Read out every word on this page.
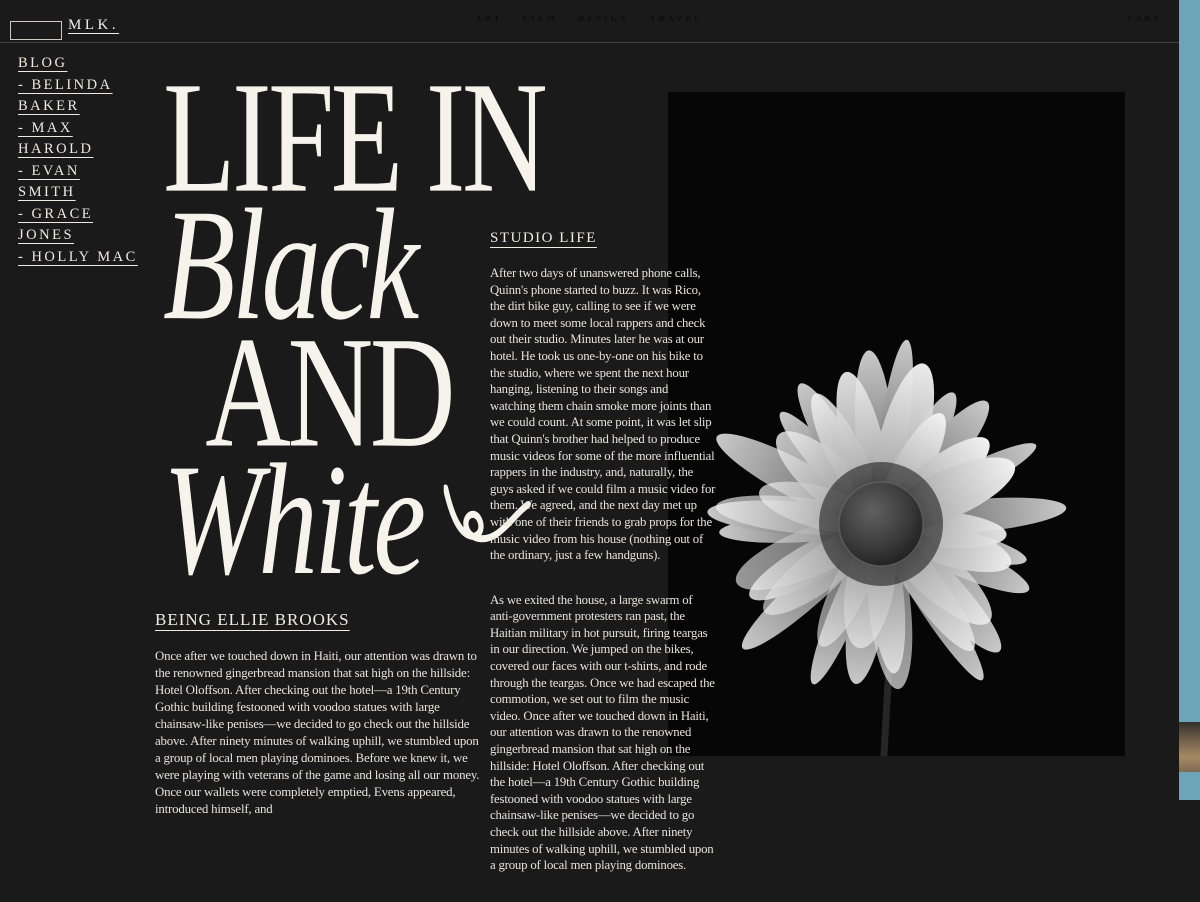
MLK.	ART · FILM · DESIGN · TRAVEL	CART
BLOG
- BELINDA BAKER
- MAX HAROLD
- EVAN SMITH
- GRACE JONES
- HOLLY MAC
LIFE IN
Black
AND
White
STUDIO LIFE

After two days of unanswered phone calls, Quinn's phone started to buzz. It was Rico, the dirt bike guy, calling to see if we were down to meet some local rappers and check out their studio. Minutes later he was at our hotel. He took us one-by-one on his bike to the studio, where we spent the next hour hanging, listening to their songs and watching them chain smoke more joints than we could count. At some point, it was let slip that Quinn's brother had helped to produce music videos for some of the more influential rappers in the industry, and, naturally, the guys asked if we could film a music video for them. We agreed, and the next day met up with one of their friends to grab props for the music video from his house (nothing out of the ordinary, just a few handguns).

As we exited the house, a large swarm of anti-government protesters ran past, the Haitian military in hot pursuit, firing teargas in our direction. We jumped on the bikes, covered our faces with our t-shirts, and rode through the teargas. Once we had escaped the commotion, we set out to film the music video. Once after we touched down in Haiti, our attention was drawn to the renowned gingerbread mansion that sat high on the hillside: Hotel Oloffson. After checking out the hotel—a 19th Century Gothic building festooned with voodoo statues with large chainsaw-like penises—we decided to go check out the hillside above. After ninety minutes of walking uphill, we stumbled upon a group of local men playing dominoes.

BEING ELLIE BROOKS

Once after we touched down in Haiti, our attention was drawn to the renowned gingerbread mansion that sat high on the hillside: Hotel Oloffson. After checking out the hotel—a 19th Century Gothic building festooned with voodoo statues with large chainsaw-like penises—we decided to go check out the hillside above. After ninety minutes of walking uphill, we stumbled upon a group of local men playing dominoes. Before we knew it, we were playing with veterans of the game and losing all our money. Once our wallets were completely emptied, Evens appeared, introduced himself, and
